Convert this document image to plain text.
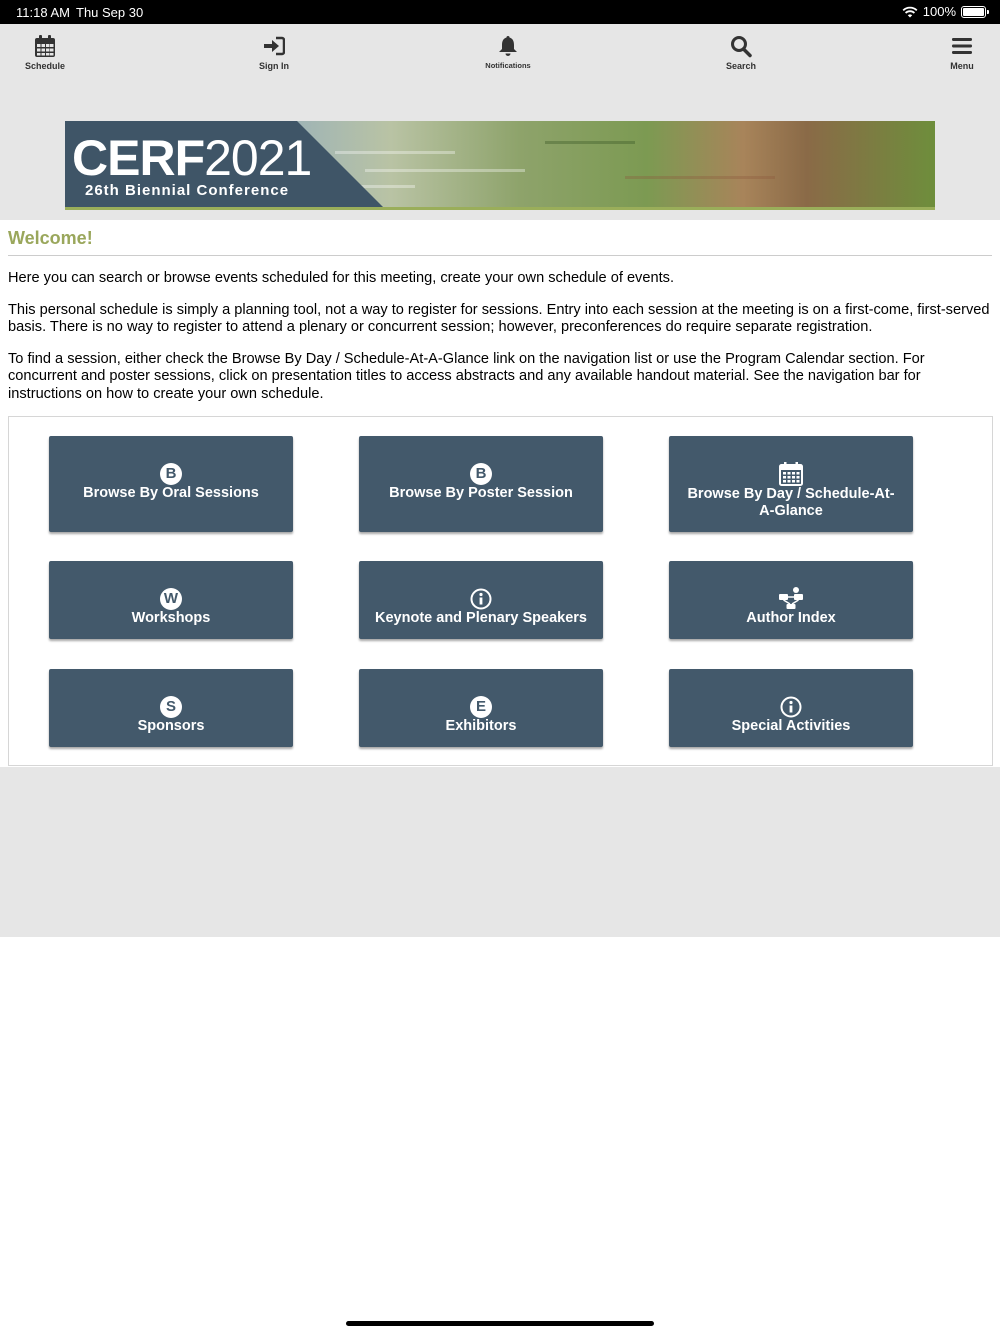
11:18 AM Thu Sep 30	100%
Schedule	Sign In	Notifications	Search	Menu
CERF2021
26th Biennial Conference
Welcome!

Here you can search or browse events scheduled for this meeting, create your own schedule of events.

This personal schedule is simply a planning tool, not a way to register for sessions. Entry into each session at the meeting is on a first-come, first-served basis. There is no way to register to attend a plenary or concurrent session; however, preconferences do require separate registration.

To find a session, either check the Browse By Day / Schedule-At-A-Glance link on the navigation list or use the Program Calendar section. For concurrent and poster sessions, click on presentation titles to access abstracts and any available handout material. See the navigation bar for instructions on how to create your own schedule.

B
Browse By Oral Sessions
B
Browse By Poster Session	Browse By Day / Schedule-At-A-Glance
W
Workshops	Keynote and Plenary Speakers	Author Index
S
Sponsors
E
Exhibitors	Special Activities
